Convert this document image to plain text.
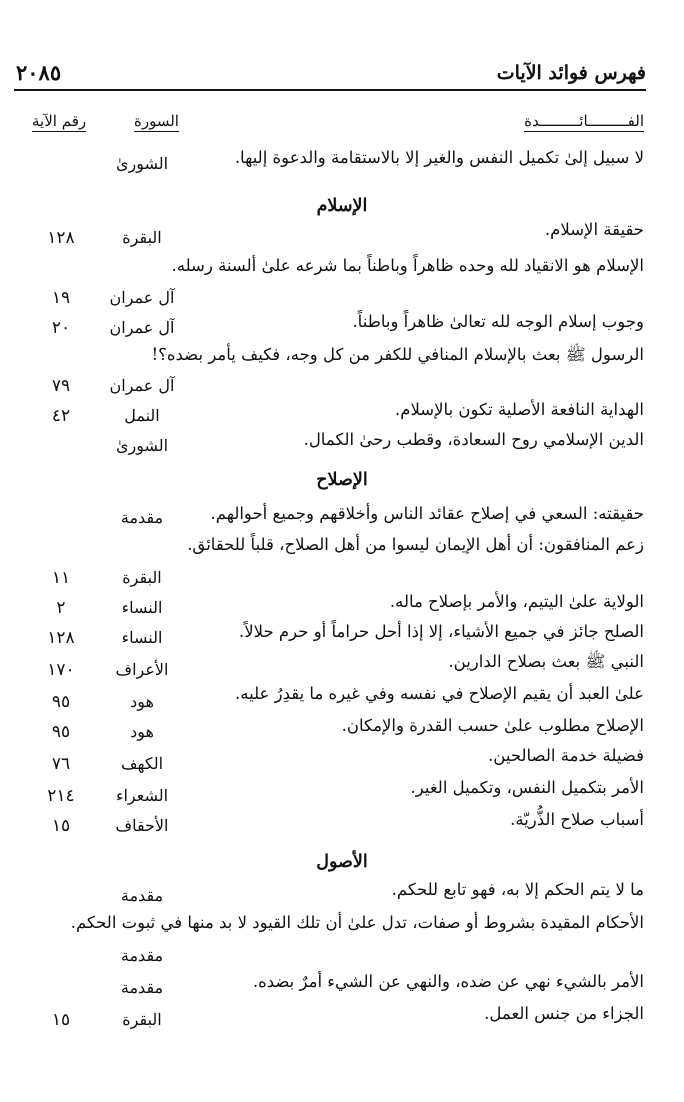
فهرس فوائد الآيات
٢٠٨٥
الفـــــــــائـــــــــدة
السورة
رقم الآية
لا سبيل إلىٰ تكميل النفس والغير إلا بالاستقامة والدعوة إليها.
الشورىٰ
الإسلام
حقيقة الإسلام.
البقرة
١٢٨
الإسلام هو الانقياد لله وحده ظاهراً وباطناً بما شرعه علىٰ ألسنة رسله.
آل عمران
١٩
وجوب إسلام الوجه لله تعالىٰ ظاهراً وباطناً.
آل عمران
٢٠
الرسول ﷺ بعث بالإسلام المنافي للكفر من كل وجه، فكيف يأمر بضده؟!
آل عمران
٧٩
الهداية النافعة الأصلية تكون بالإسلام.
النمل
٤٢
الدين الإسلامي روح السعادة، وقطب رحىٰ الكمال.
الشورىٰ
الإصلاح
حقيقته: السعي في إصلاح عقائد الناس وأخلاقهم وجميع أحوالهم.
مقدمة
زعم المنافقون: أن أهل الإيمان ليسوا من أهل الصلاح، قلباً للحقائق.
البقرة
١١
الولاية علىٰ اليتيم، والأمر بإصلاح ماله.
النساء
٢
الصلح جائز في جميع الأشياء، إلا إذا أحل حراماً أو حرم حلالاً.
النساء
١٢٨
النبي ﷺ بعث بصلاح الدارين.
الأعراف
١٧٠
علىٰ العبد أن يقيم الإصلاح في نفسه وفي غيره ما يقدِرُ عليه.
هود
٩٥
الإصلاح مطلوب علىٰ حسب القدرة والإمكان.
هود
٩٥
فضيلة خدمة الصالحين.
الكهف
٧٦
الأمر بتكميل النفس، وتكميل الغير.
الشعراء
٢١٤
أسباب صلاح الذُّريّة.
الأحقاف
١٥
الأصول
ما لا يتم الحكم إلا به، فهو تابع للحكم.
مقدمة
الأحكام المقيدة بشروط أو صفات، تدل علىٰ أن تلك القيود لا بد منها في ثبوت الحكم.
مقدمة
الأمر بالشيء نهي عن ضده، والنهي عن الشيء أمرٌ بضده.
مقدمة
الجزاء من جنس العمل.
البقرة
١٥
